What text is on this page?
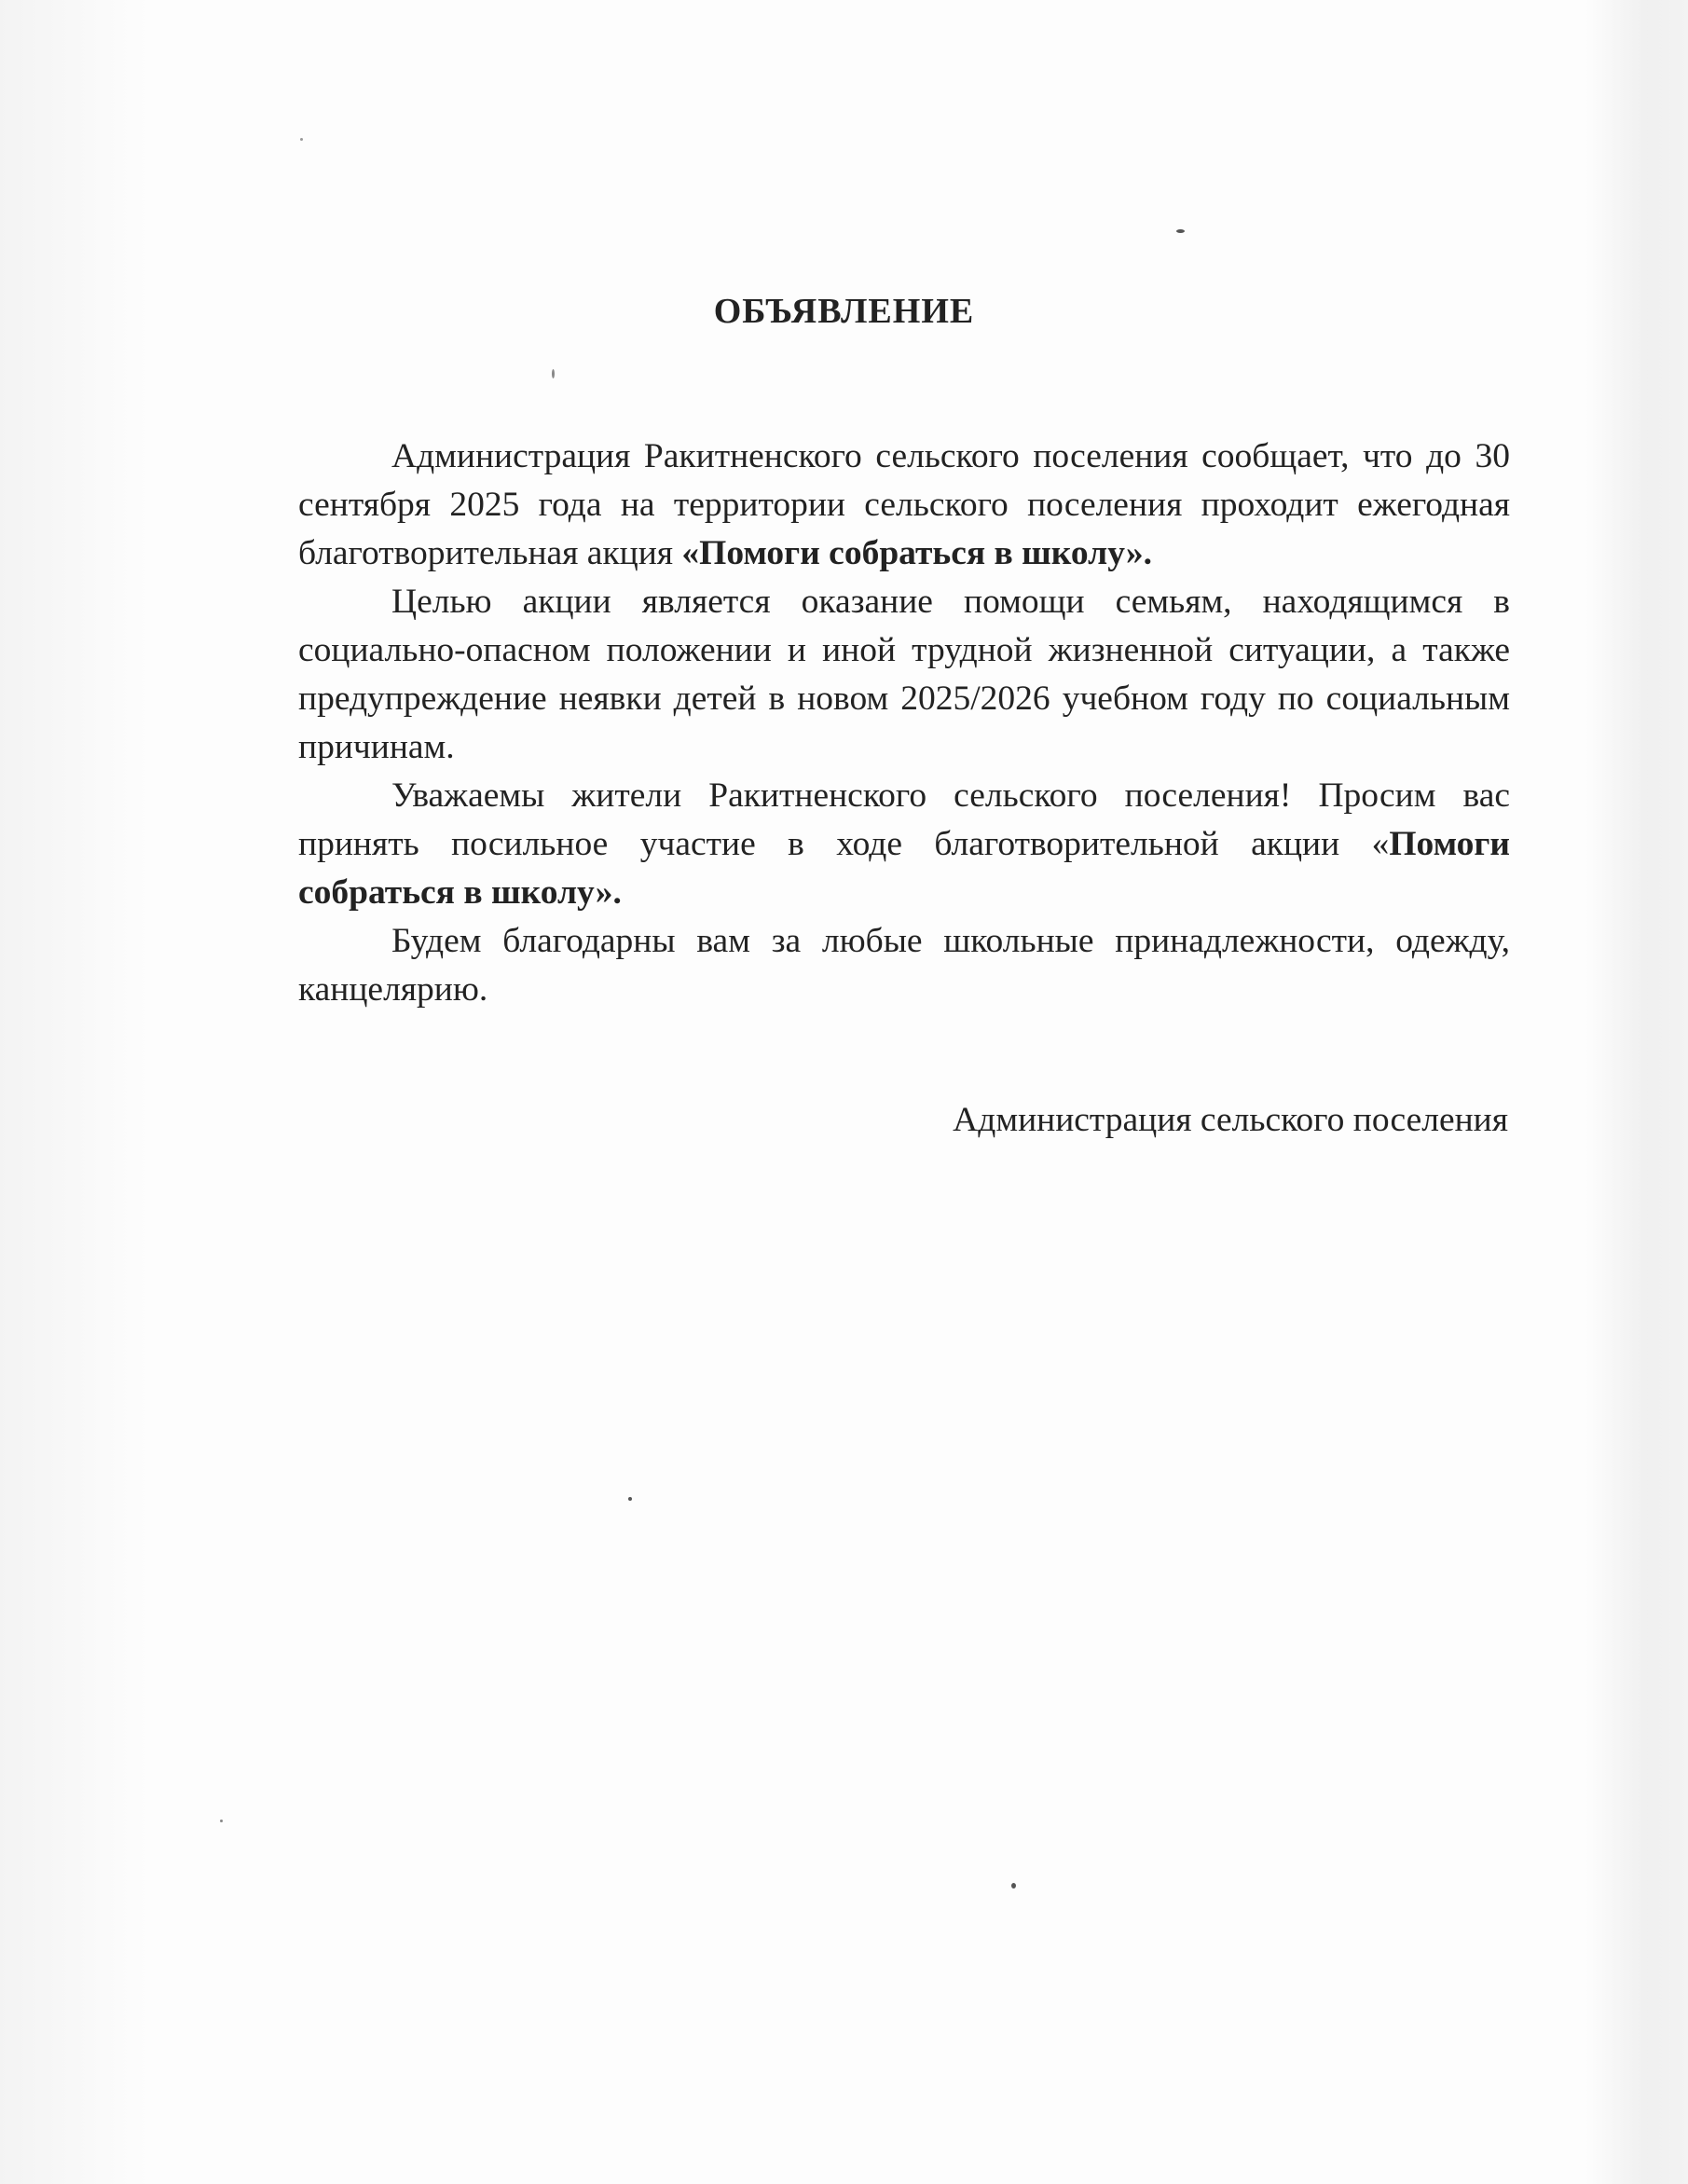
ОБЪЯВЛЕНИЕ

Администрация Ракитненского сельского поселения сообщает, что до 30 сентября 2025 года на территории сельского поселения проходит ежегодная благотворительная акция «Помоги собраться в школу».

Целью акции является оказание помощи семьям, находящимся в социально-опасном положении и иной трудной жизненной ситуации, а также предупреждение неявки детей в новом 2025/2026 учебном году по социальным причинам.

Уважаемы жители Ракитненского сельского поселения! Просим вас принять посильное участие в ходе благотворительной акции «Помоги собраться в школу».

Будем благодарны вам за любые школьные принадлежности, одежду, канцелярию.

Администрация сельского поселения
